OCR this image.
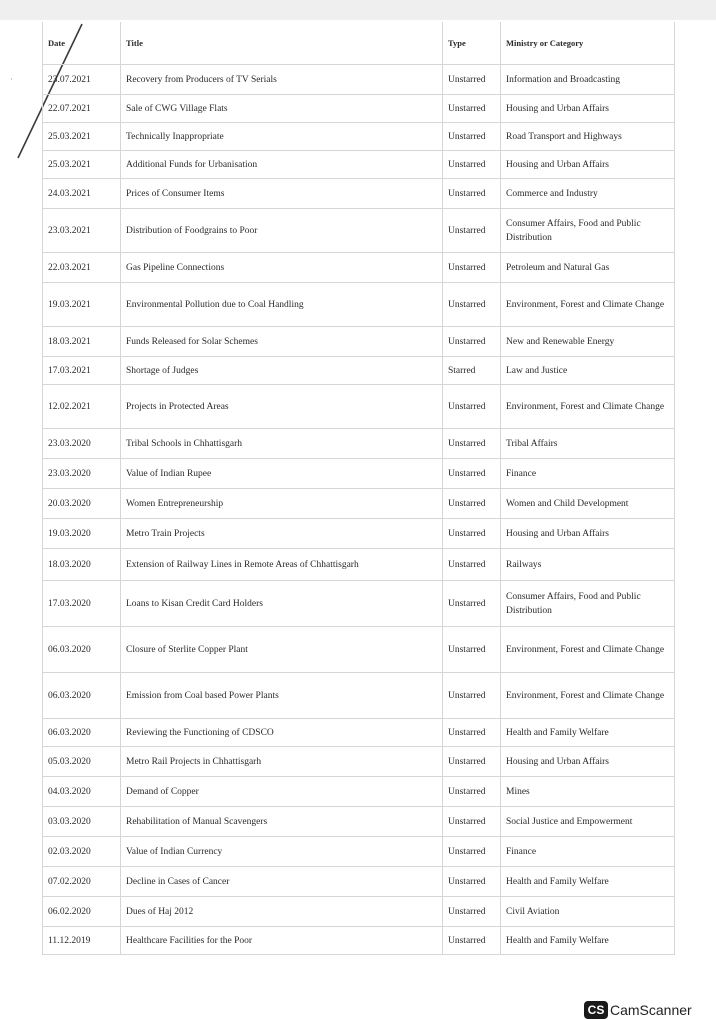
·
Date	Title	Type	Ministry or Category
23.07.2021	Recovery from Producers of TV Serials	Unstarred	Information and Broadcasting
22.07.2021	Sale of CWG Village Flats	Unstarred	Housing and Urban Affairs
25.03.2021	Technically Inappropriate	Unstarred	Road Transport and Highways
25.03.2021	Additional Funds for Urbanisation	Unstarred	Housing and Urban Affairs
24.03.2021	Prices of Consumer Items	Unstarred	Commerce and Industry
23.03.2021	Distribution of Foodgrains to Poor	Unstarred	Consumer Affairs, Food and Public Distribution
22.03.2021	Gas Pipeline Connections	Unstarred	Petroleum and Natural Gas
19.03.2021	Environmental Pollution due to Coal Handling	Unstarred	Environment, Forest and Climate Change
18.03.2021	Funds Released for Solar Schemes	Unstarred	New and Renewable Energy
17.03.2021	Shortage of Judges	Starred	Law and Justice
12.02.2021	Projects in Protected Areas	Unstarred	Environment, Forest and Climate Change
23.03.2020	Tribal Schools in Chhattisgarh	Unstarred	Tribal Affairs
23.03.2020	Value of Indian Rupee	Unstarred	Finance
20.03.2020	Women Entrepreneurship	Unstarred	Women and Child Development
19.03.2020	Metro Train Projects	Unstarred	Housing and Urban Affairs
18.03.2020	Extension of Railway Lines in Remote Areas of Chhattisgarh	Unstarred	Railways
17.03.2020	Loans to Kisan Credit Card Holders	Unstarred	Consumer Affairs, Food and Public Distribution
06.03.2020	Closure of Sterlite Copper Plant	Unstarred	Environment, Forest and Climate Change
06.03.2020	Emission from Coal based Power Plants	Unstarred	Environment, Forest and Climate Change
06.03.2020	Reviewing the Functioning of CDSCO	Unstarred	Health and Family Welfare
05.03.2020	Metro Rail Projects in Chhattisgarh	Unstarred	Housing and Urban Affairs
04.03.2020	Demand of Copper	Unstarred	Mines
03.03.2020	Rehabilitation of Manual Scavengers	Unstarred	Social Justice and Empowerment
02.03.2020	Value of Indian Currency	Unstarred	Finance
07.02.2020	Decline in Cases of Cancer	Unstarred	Health and Family Welfare
06.02.2020	Dues of Haj 2012	Unstarred	Civil Aviation
11.12.2019	Healthcare Facilities for the Poor	Unstarred	Health and Family Welfare
CS CamScanner
